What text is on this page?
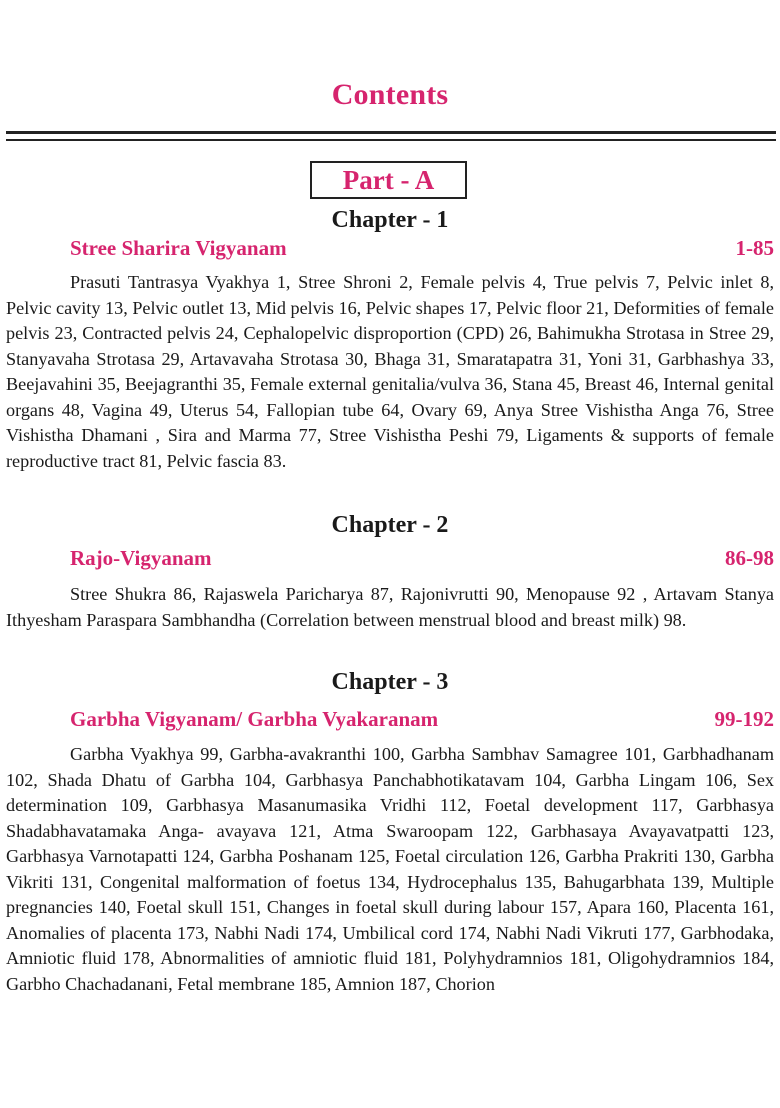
Contents
Part - A
Chapter - 1
Stree Sharira Vigyanam	1-85

Prasuti Tantrasya Vyakhya 1, Stree Shroni 2, Female pelvis 4, True pelvis 7, Pelvic inlet 8, Pelvic cavity 13, Pelvic outlet 13, Mid pelvis 16, Pelvic shapes 17, Pelvic floor 21, Deformities of female pelvis 23, Contracted pelvis 24, Cephalopelvic disproportion (CPD) 26, Bahimukha Strotasa in Stree 29, Stanyavaha Strotasa 29, Artavavaha Strotasa 30, Bhaga 31, Smaratapatra 31, Yoni 31, Garbhashya 33, Beejavahini 35, Beejagranthi 35, Female external genitalia/vulva 36, Stana 45, Breast 46, Internal genital organs 48, Vagina 49, Uterus 54, Fallopian tube 64, Ovary 69, Anya Stree Vishistha Anga 76, Stree Vishistha Dhamani , Sira and Marma 77, Stree Vishistha Peshi 79, Ligaments & supports of female reproductive tract 81, Pelvic fascia 83.

Chapter - 2
Rajo-Vigyanam	86-98

Stree Shukra 86, Rajaswela Paricharya 87, Rajonivrutti 90, Menopause 92 , Artavam Stanya Ithyesham Paraspara Sambhandha (Correlation between menstrual blood and breast milk) 98.

Chapter - 3
Garbha Vigyanam/ Garbha Vyakaranam	99-192

Garbha Vyakhya 99, Garbha-avakranthi 100, Garbha Sambhav Samagree 101, Garbhadhanam 102, Shada Dhatu of Garbha 104, Garbhasya Panchabhotikatavam 104, Garbha Lingam 106, Sex determination 109, Garbhasya Masanumasika Vridhi 112, Foetal development 117, Garbhasya Shadabhavatamaka Anga- avayava 121, Atma Swaroopam 122, Garbhasaya Avayavatpatti 123, Garbhasya Varnotapatti 124, Garbha Poshanam 125, Foetal circulation 126, Garbha Prakriti 130, Garbha Vikriti 131, Congenital malformation of foetus 134, Hydrocephalus 135, Bahugarbhata 139, Multiple pregnancies 140, Foetal skull 151, Changes in foetal skull during labour 157, Apara 160, Placenta 161, Anomalies of placenta 173, Nabhi Nadi 174, Umbilical cord 174, Nabhi Nadi Vikruti 177, Garbhodaka, Amniotic fluid 178, Abnormalities of amniotic fluid 181, Polyhydramnios 181, Oligohydramnios 184, Garbho Chachadanani, Fetal membrane 185, Amnion 187, Chorion
